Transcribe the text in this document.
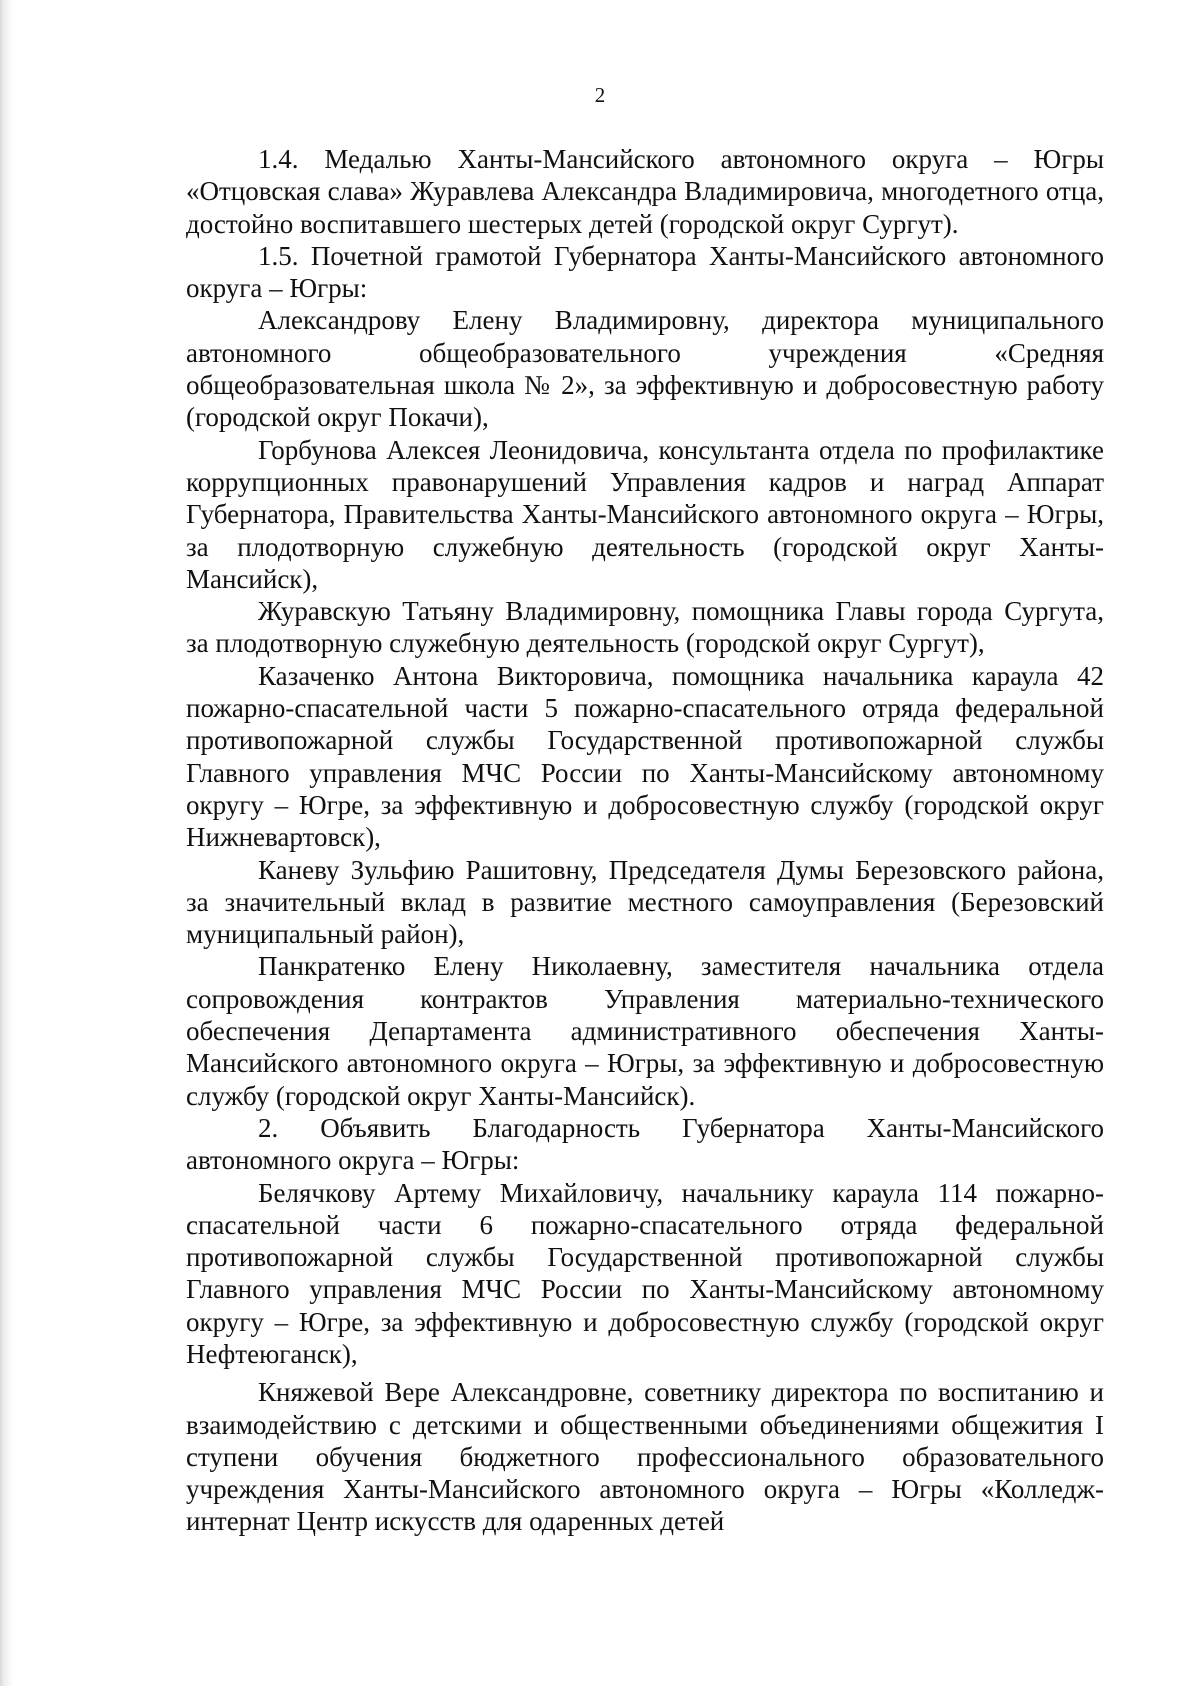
2

1.4. Медалью Ханты-Мансийского автономного округа – Югры «Отцовская слава» Журавлева Александра Владимировича, многодетного отца, достойно воспитавшего шестерых детей (городской округ Сургут).

1.5. Почетной грамотой Губернатора Ханты-Мансийского автономного округа – Югры:

Александрову Елену Владимировну, директора муниципального автономного общеобразовательного учреждения «Средняя общеобразовательная школа № 2», за эффективную и добросовестную работу (городской округ Покачи),

Горбунова Алексея Леонидовича, консультанта отдела по профилактике коррупционных правонарушений Управления кадров и наград Аппарат Губернатора, Правительства Ханты-Мансийского автономного округа – Югры, за плодотворную служебную деятельность (городской округ Ханты-Мансийск),

Журавскую Татьяну Владимировну, помощника Главы города Сургута, за плодотворную служебную деятельность (городской округ Сургут),

Казаченко Антона Викторовича, помощника начальника караула 42 пожарно-спасательной части 5 пожарно-спасательного отряда федеральной противопожарной службы Государственной противопожарной службы Главного управления МЧС России по Ханты-Мансийскому автономному округу – Югре, за эффективную и добросовестную службу (городской округ Нижневартовск),

Каневу Зульфию Рашитовну, Председателя Думы Березовского района, за значительный вклад в развитие местного самоуправления (Березовский муниципальный район),

Панкратенко Елену Николаевну, заместителя начальника отдела сопровождения контрактов Управления материально-технического обеспечения Департамента административного обеспечения Ханты-Мансийского автономного округа – Югры, за эффективную и добросовестную службу (городской округ Ханты-Мансийск).

2. Объявить Благодарность Губернатора Ханты-Мансийского автономного округа – Югры:

Белячкову Артему Михайловичу, начальнику караула 114 пожарно-спасательной части 6 пожарно-спасательного отряда федеральной противопожарной службы Государственной противопожарной службы Главного управления МЧС России по Ханты-Мансийскому автономному округу – Югре, за эффективную и добросовестную службу (городской округ Нефтеюганск),

Княжевой Вере Александровне, советнику директора по воспитанию и взаимодействию с детскими и общественными объединениями общежития I ступени обучения бюджетного профессионального образовательного учреждения Ханты-Мансийского автономного округа – Югры «Колледж-интернат Центр искусств для одаренных детей
